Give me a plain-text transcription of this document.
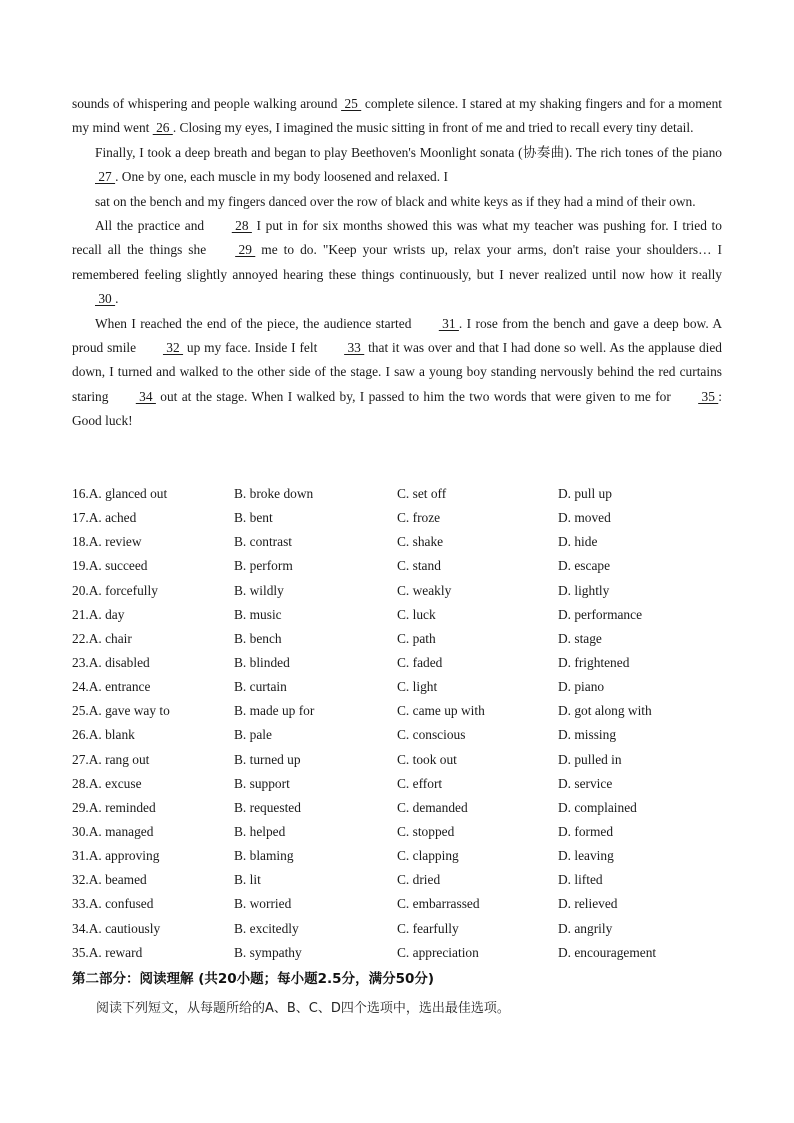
sounds of whispering and people walking around  25  complete silence. I stared at my shaking fingers and for a moment my mind went  26 . Closing my eyes, I imagined the music sitting in front of me and tried to recall every tiny detail.

Finally, I took a deep breath and began to play Beethoven's Moonlight sonata (协奏曲). The rich tones of the piano  27 . One by one, each muscle in my body loosened and relaxed. I

sat on the bench and my fingers danced over the row of black and white keys as if they had a mind of their own.

All the practice and  28  I put in for six months showed this was what my teacher was pushing for. I tried to recall all the things she  29  me to do. "Keep your wrists up, relax your arms, don't raise your shoulders… I remembered feeling slightly annoyed hearing these things continuously, but I never realized until now how it really  30 .

When I reached the end of the piece, the audience started  31 . I rose from the bench and gave a deep bow. A proud smile  32  up my face. Inside I felt  33  that it was over and that I had done so well. As the applause died down, I turned and walked to the other side of the stage. I saw a young boy standing nervously behind the red curtains staring  34  out at the stage. When I walked by, I passed to him the two words that were given to me for  35 : Good luck!

16.A. glanced out	B. broke down	C. set off	D. pull up
17.A. ached	B. bent	C. froze	D. moved
18.A. review	B. contrast	C. shake	D. hide
19.A. succeed	B. perform	C. stand	D. escape
20.A. forcefully	B. wildly	C. weakly	D. lightly
21.A. day	B. music	C. luck	D. performance
22.A. chair	B. bench	C. path	D. stage
23.A. disabled	B. blinded	C. faded	D. frightened
24.A. entrance	B. curtain	C. light	D. piano
25.A. gave way to	B. made up for	C. came up with	D. got along with
26.A. blank	B. pale	C. conscious	D. missing
27.A. rang out	B. turned up	C. took out	D. pulled in
28.A. excuse	B. support	C. effort	D. service
29.A. reminded	B. requested	C. demanded	D. complained
30.A. managed	B. helped	C. stopped	D. formed
31.A. approving	B. blaming	C. clapping	D. leaving
32.A. beamed	B. lit	C. dried	D. lifted
33.A. confused	B. worried	C. embarrassed	D. relieved
34.A. cautiously	B. excitedly	C. fearfully	D. angrily
35.A. reward	B. sympathy	C. appreciation	D. encouragement
第二部分：阅读理解 (共20小题；每小题2.5分，满分50分)
阅读下列短文，从每题所给的A、B、C、D四个选项中，选出最佳选项。
